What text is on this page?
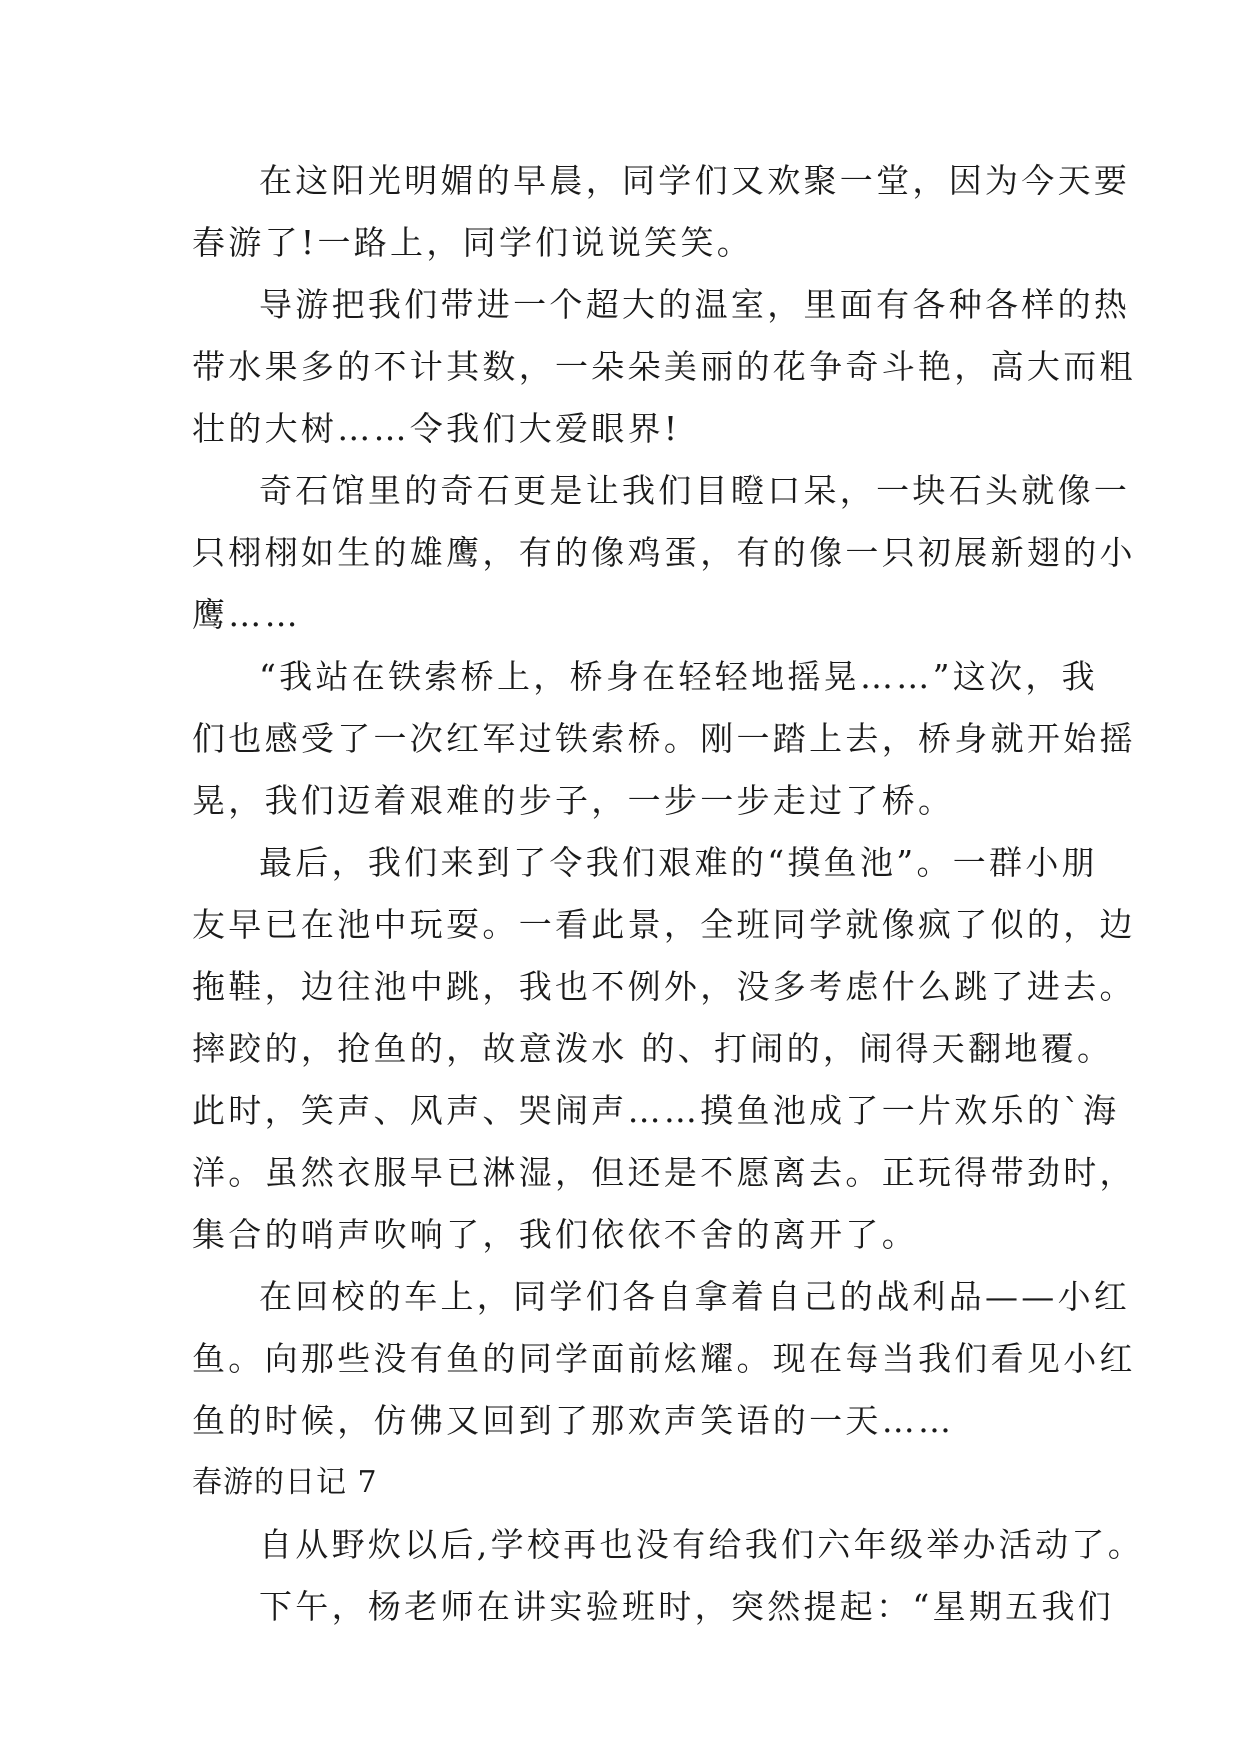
在这阳光明媚的早晨，同学们又欢聚一堂，因为今天要
春游了!一路上，同学们说说笑笑。
导游把我们带进一个超大的温室，里面有各种各样的热
带水果多的不计其数，一朵朵美丽的花争奇斗艳，高大而粗
壮的大树……令我们大爱眼界!
奇石馆里的奇石更是让我们目瞪口呆，一块石头就像一
只栩栩如生的雄鹰，有的像鸡蛋，有的像一只初展新翅的小
鹰……
“我站在铁索桥上，桥身在轻轻地摇晃……”这次，我
们也感受了一次红军过铁索桥。刚一踏上去，桥身就开始摇
晃，我们迈着艰难的步子，一步一步走过了桥。
最后，我们来到了令我们艰难的“摸鱼池”。一群小朋
友早已在池中玩耍。一看此景，全班同学就像疯了似的，边
拖鞋，边往池中跳，我也不例外，没多考虑什么跳了进去。
摔跤的，抢鱼的，故意泼水 的、打闹的，闹得天翻地覆。
此时，笑声、风声、哭闹声……摸鱼池成了一片欢乐的`海
洋。虽然衣服早已淋湿，但还是不愿离去。正玩得带劲时，
集合的哨声吹响了，我们依依不舍的离开了。
在回校的车上，同学们各自拿着自己的战利品——小红
鱼。向那些没有鱼的同学面前炫耀。现在每当我们看见小红
鱼的时候，仿佛又回到了那欢声笑语的一天……
春游的日记 7
自从野炊以后,学校再也没有给我们六年级举办活动了。
下午，杨老师在讲实验班时，突然提起：“星期五我们
